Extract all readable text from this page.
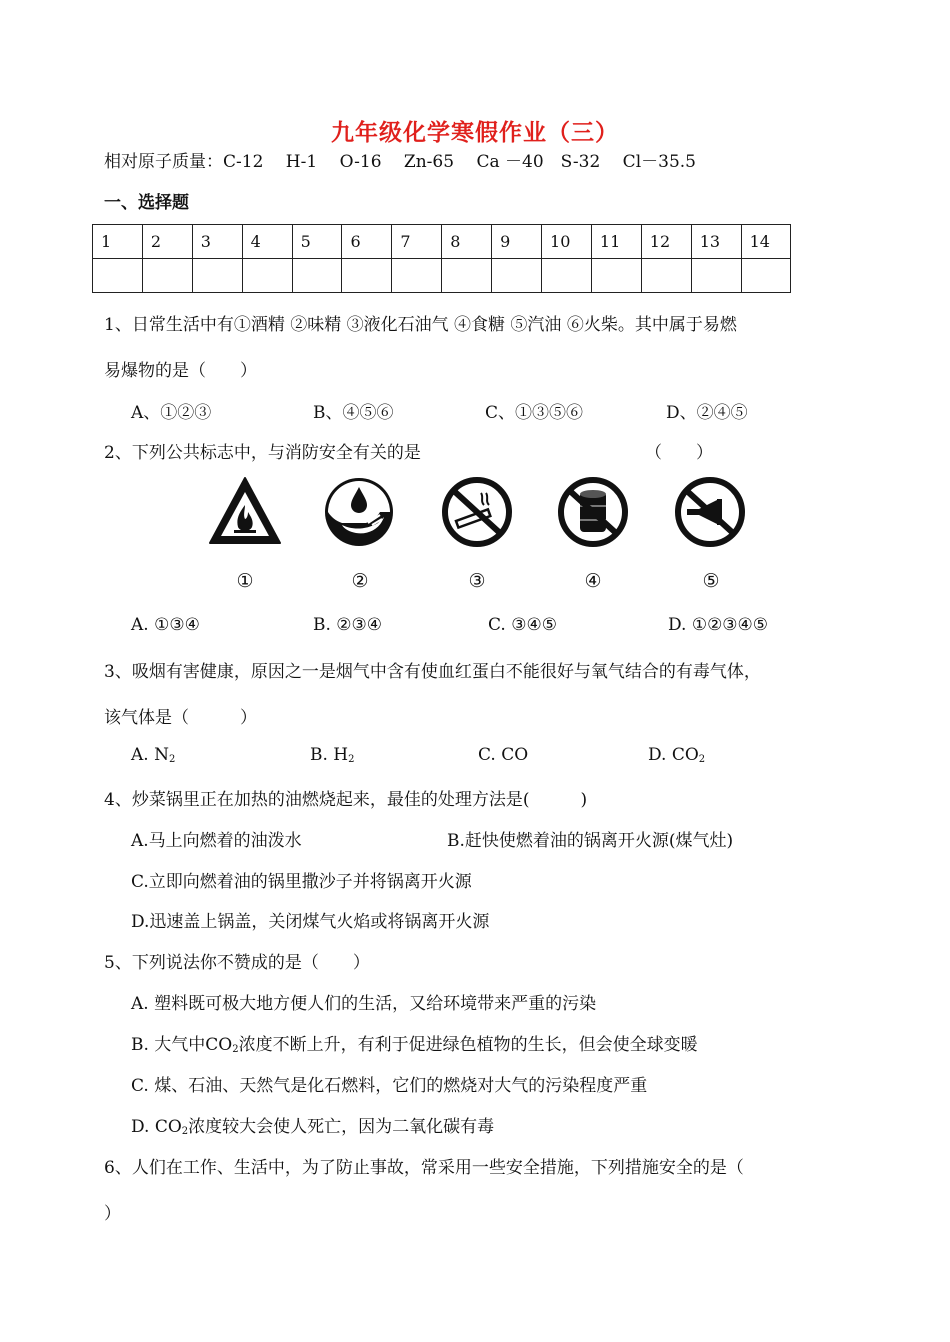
九年级化学寒假作业（三）
相对原子质量：C-12　 H-1　 O-16　 Zn-65　 Ca －40　S-32　 Cl－35.5
一、选择题
1	2	3	4	5	6	7	8	9	10	11	12	13	14

1、日常生活中有①酒精 ②味精 ③液化石油气 ④食糖 ⑤汽油 ⑥火柴。其中属于易燃
易爆物的是（　　）
A、①②③	B、④⑤⑥	C、①③⑤⑥	D、②④⑤
2、下列公共标志中，与消防安全有关的是	（　　）
①	②	③	④	⑤
A. ①③④	B. ②③④	C. ③④⑤	D. ①②③④⑤
3、吸烟有害健康，原因之一是烟气中含有使血红蛋白不能很好与氧气结合的有毒气体，
该气体是（　　　）
A. $N_2$	B. $H_2$	C. CO	D. $CO_2$
4、炒菜锅里正在加热的油燃烧起来，最佳的处理方法是(　　　)
A.马上向燃着的油泼水	B.赶快使燃着油的锅离开火源(煤气灶)
C.立即向燃着油的锅里撒沙子并将锅离开火源
D.迅速盖上锅盖，关闭煤气火焰或将锅离开火源
5、下列说法你不赞成的是（　　）
A. 塑料既可极大地方便人们的生活，又给环境带来严重的污染
B. 大气中$CO_2$浓度不断上升，有利于促进绿色植物的生长，但会使全球变暖
C. 煤、石油、天然气是化石燃料，它们的燃烧对大气的污染程度严重
D. $CO_2$浓度较大会使人死亡，因为二氧化碳有毒
6、人们在工作、生活中，为了防止事故，常采用一些安全措施，下列措施安全的是（
）
